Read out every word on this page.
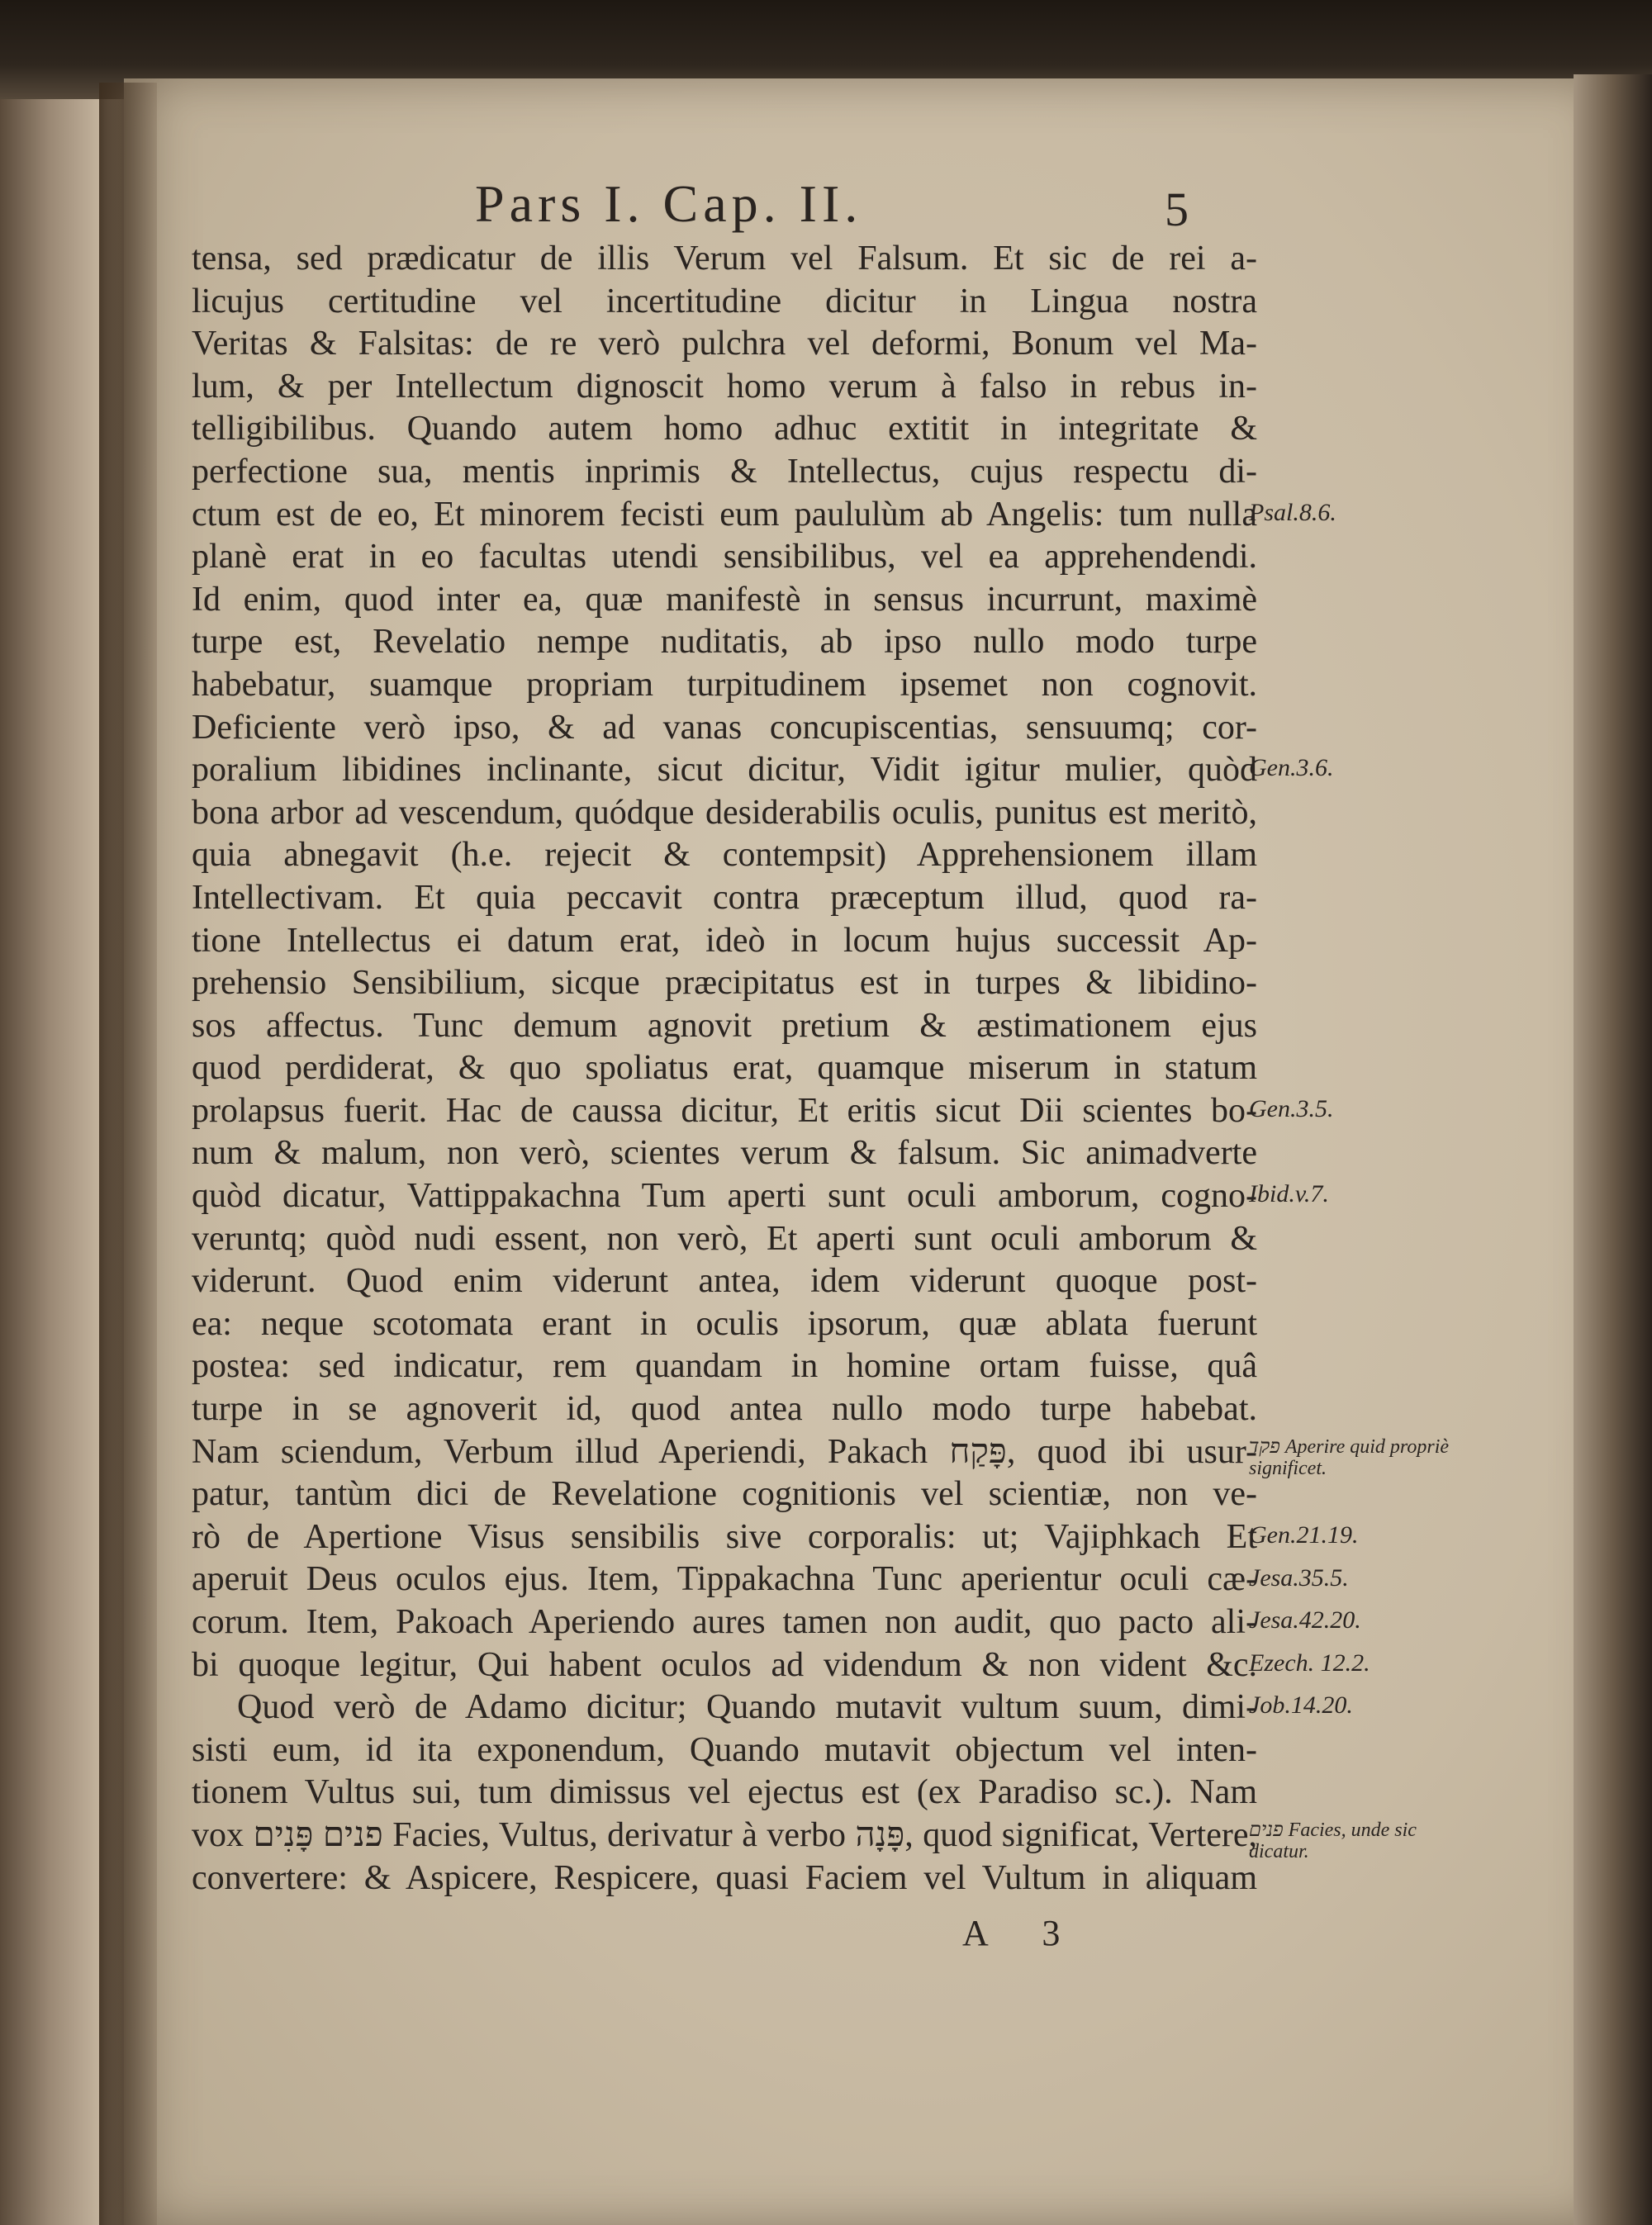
Pars I. Cap. II.	5
tensa, sed prædicatur de illis Verum vel Falsum. Et sic de rei a-
licujus certitudine vel incertitudine dicitur in Lingua nostra
Veritas & Falsitas: de re verò pulchra vel deformi, Bonum vel Ma-
lum, & per Intellectum dignoscit homo verum à falso in rebus in-
telligibilibus. Quando autem homo adhuc extitit in integritate &
perfectione sua, mentis inprimis & Intellectus, cujus respectu di-
ctum est de eo, Et minorem fecisti eum paululùm ab Angelis: tum nulla
planè erat in eo facultas utendi sensibilibus, vel ea apprehendendi.
Id enim, quod inter ea, quæ manifestè in sensus incurrunt, maximè
turpe est, Revelatio nempe nuditatis, ab ipso nullo modo turpe
habebatur, suamque propriam turpitudinem ipsemet non cognovit.
Deficiente verò ipso, & ad vanas concupiscentias, sensuumq; cor-
poralium libidines inclinante, sicut dicitur, Vidit igitur mulier, quòd
bona arbor ad vescendum, quódque desiderabilis oculis, punitus est meritò,
quia abnegavit (h.e. rejecit & contempsit) Apprehensionem illam
Intellectivam. Et quia peccavit contra præceptum illud, quod ra-
tione Intellectus ei datum erat, ideò in locum hujus successit Ap-
prehensio Sensibilium, sicque præcipitatus est in turpes & libidino-
sos affectus. Tunc demum agnovit pretium & æstimationem ejus
quod perdiderat, & quo spoliatus erat, quamque miserum in statum
prolapsus fuerit. Hac de caussa dicitur, Et eritis sicut Dii scientes bo-
num & malum, non verò, scientes verum & falsum. Sic animadverte
quòd dicatur, Vattippakachna Tum aperti sunt oculi amborum, cogno-
veruntq; quòd nudi essent, non verò, Et aperti sunt oculi amborum &
viderunt. Quod enim viderunt antea, idem viderunt quoque post-
ea: neque scotomata erant in oculis ipsorum, quæ ablata fuerunt
postea: sed indicatur, rem quandam in homine ortam fuisse, quâ
turpe in se agnoverit id, quod antea nullo modo turpe habebat.
Nam sciendum, Verbum illud Aperiendi, Pakach פָּקַח, quod ibi usur-
patur, tantùm dici de Revelatione cognitionis vel scientiæ, non ve-
rò de Apertione Visus sensibilis sive corporalis: ut; Vajiphkach Et
aperuit Deus oculos ejus. Item, Tippakachna Tunc aperientur oculi cæ-
corum. Item, Pakoach Aperiendo aures tamen non audit, quo pacto ali-
bi quoque legitur, Qui habent oculos ad videndum & non vident &c.
Quod verò de Adamo dicitur; Quando mutavit vultum suum, dimi-
sisti eum, id ita exponendum, Quando mutavit objectum vel inten-
tionem Vultus sui, tum dimissus vel ejectus est (ex Paradiso sc.). Nam
vox פנים פָּנִים Facies, Vultus, derivatur à verbo פָּנָה, quod significat, Vertere,
convertere: & Aspicere, Respicere, quasi Faciem vel Vultum in aliquam
Psal.8.6.
Gen.3.6.
Gen.3.5.
Ibid.v.7.
פקד Aperire quid propriè significet.
Gen.21.19.
Jesa.35.5.
Jesa.42.20.
Ezech. 12.2.
Job.14.20.
פנים Facies, unde sic dicatur.
A 3
